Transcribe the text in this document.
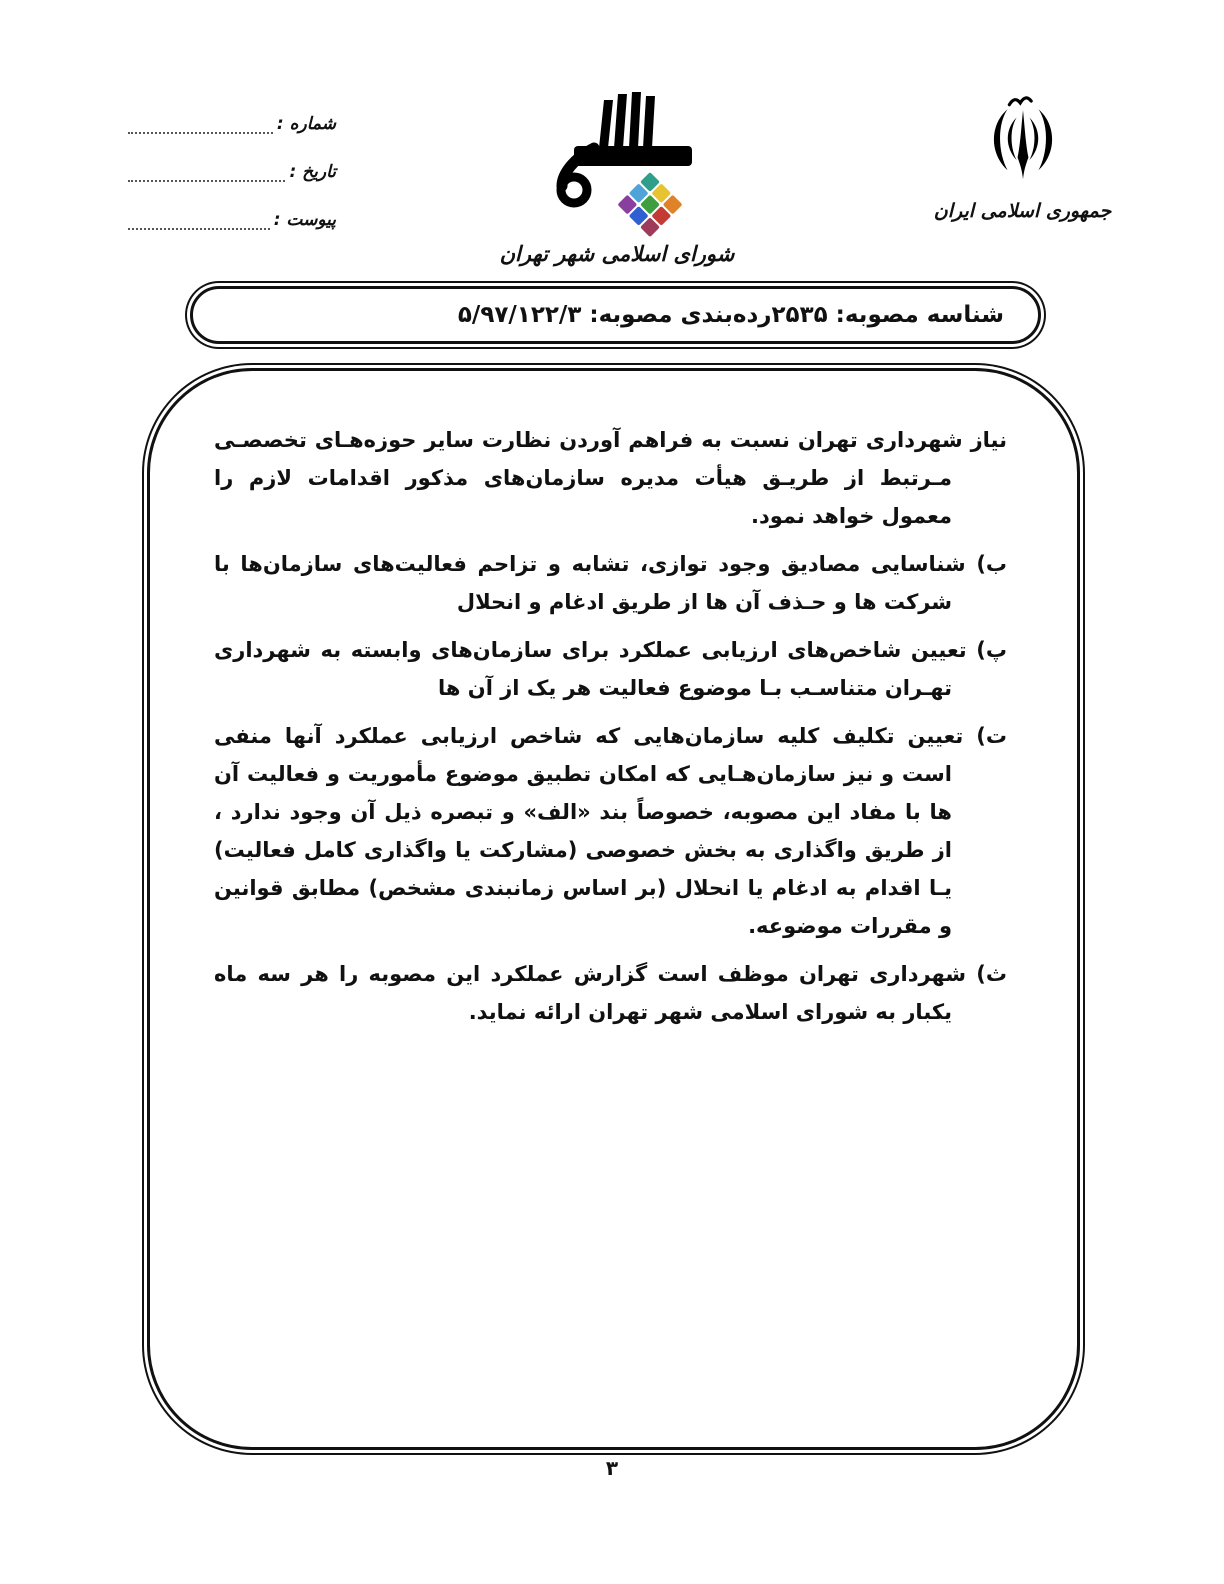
شماره :
تاریخ :
پیوست :
شورای اسلامی شهر تهران
جمهوری اسلامی ایران
شناسه مصوبه: ۲۵۳۵
رده‌بندی مصوبه: ۵/۹۷/۱۲۲/۳
نیاز شهرداری تهران نسبت به فراهم آوردن نظارت سایر حوزه‌هـای تخصصـی مـرتبط از طریـق هیأت مدیره سازمان‌های مذکور اقدامات لازم را معمول خواهد نمود.
ب) شناسایی مصادیق وجود توازی، تشابه و تزاحم فعالیت‌های سازمان‌ها با شرکت ها و حـذف آن ها از طریق ادغام و انحلال
پ) تعیین شاخص‌های ارزیابی عملکرد برای سازمان‌های وابسته به شهرداری تهـران متناسـب بـا موضوع فعالیت هر یک از آن ها
ت) تعیین تکلیف کلیه سازمان‌هایی که شاخص ارزیابی عملکرد آنها منفی است و نیز سازمان‌هـایی که امکان تطبیق موضوع مأموریت و فعالیت آن ها با مفاد این مصوبه، خصوصاً بند «الف» و تبصره ذیل آن وجود ندارد ، از طریق واگذاری به بخش خصوصی (مشارکت یا واگذاری کامل فعالیت) یـا اقدام به ادغام یا انحلال (بر اساس زمانبندی مشخص) مطابق قوانین و مقررات موضوعه.
ث) شهرداری تهران موظف است گزارش عملکرد این مصوبه را هر سه ماه یکبار به شورای اسلامی شهر تهران ارائه نماید.
۳
